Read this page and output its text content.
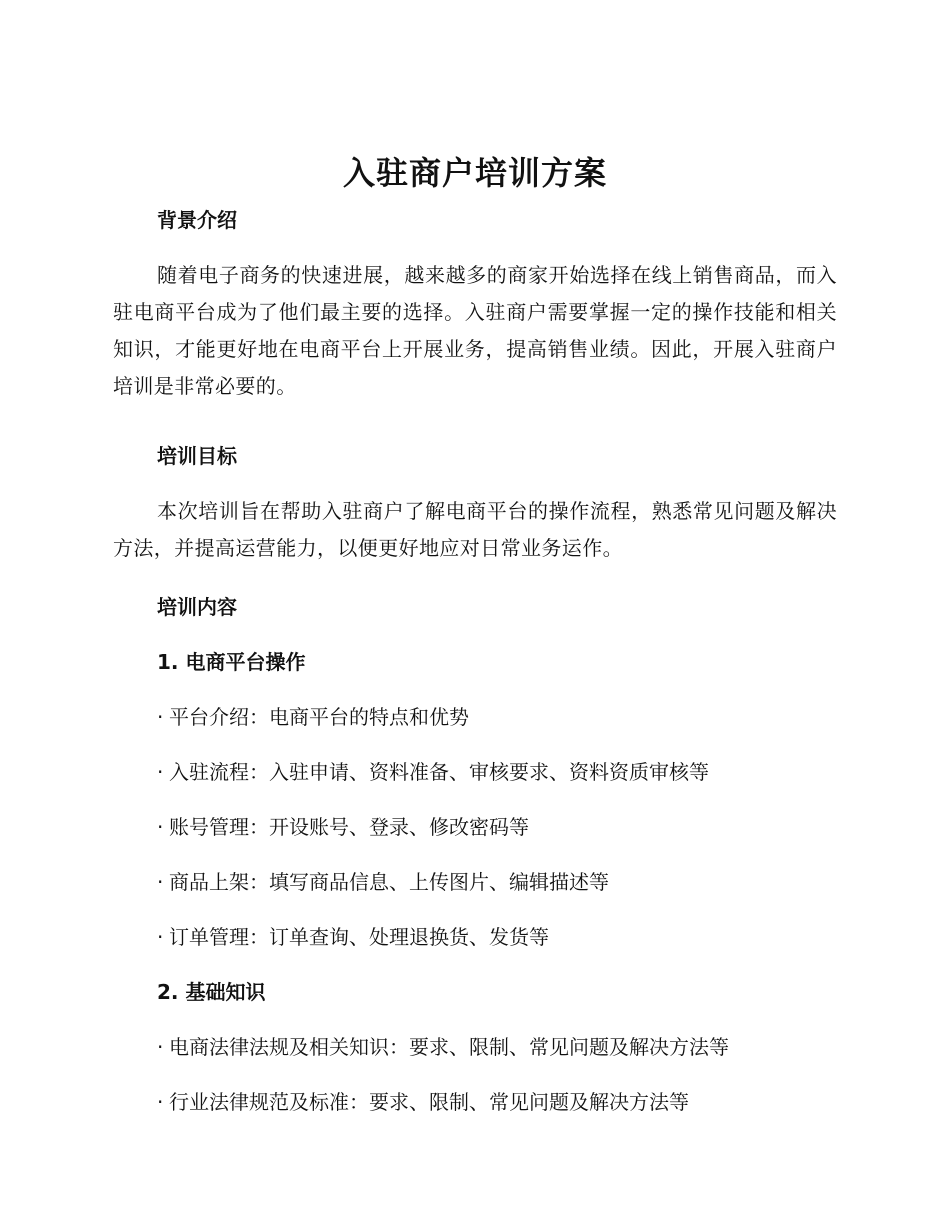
入驻商户培训方案
背景介绍
随着电子商务的快速进展，越来越多的商家开始选择在线上销售商品，而入驻电商平台成为了他们最主要的选择。入驻商户需要掌握一定的操作技能和相关知识，才能更好地在电商平台上开展业务，提高销售业绩。因此，开展入驻商户培训是非常必要的。
培训目标
本次培训旨在帮助入驻商户了解电商平台的操作流程，熟悉常见问题及解决方法，并提高运营能力，以便更好地应对日常业务运作。
培训内容
1. 电商平台操作
· 平台介绍：电商平台的特点和优势
· 入驻流程：入驻申请、资料准备、审核要求、资料资质审核等
· 账号管理：开设账号、登录、修改密码等
· 商品上架：填写商品信息、上传图片、编辑描述等
· 订单管理：订单查询、处理退换货、发货等
2. 基础知识
· 电商法律法规及相关知识：要求、限制、常见问题及解决方法等
· 行业法律规范及标准：要求、限制、常见问题及解决方法等
